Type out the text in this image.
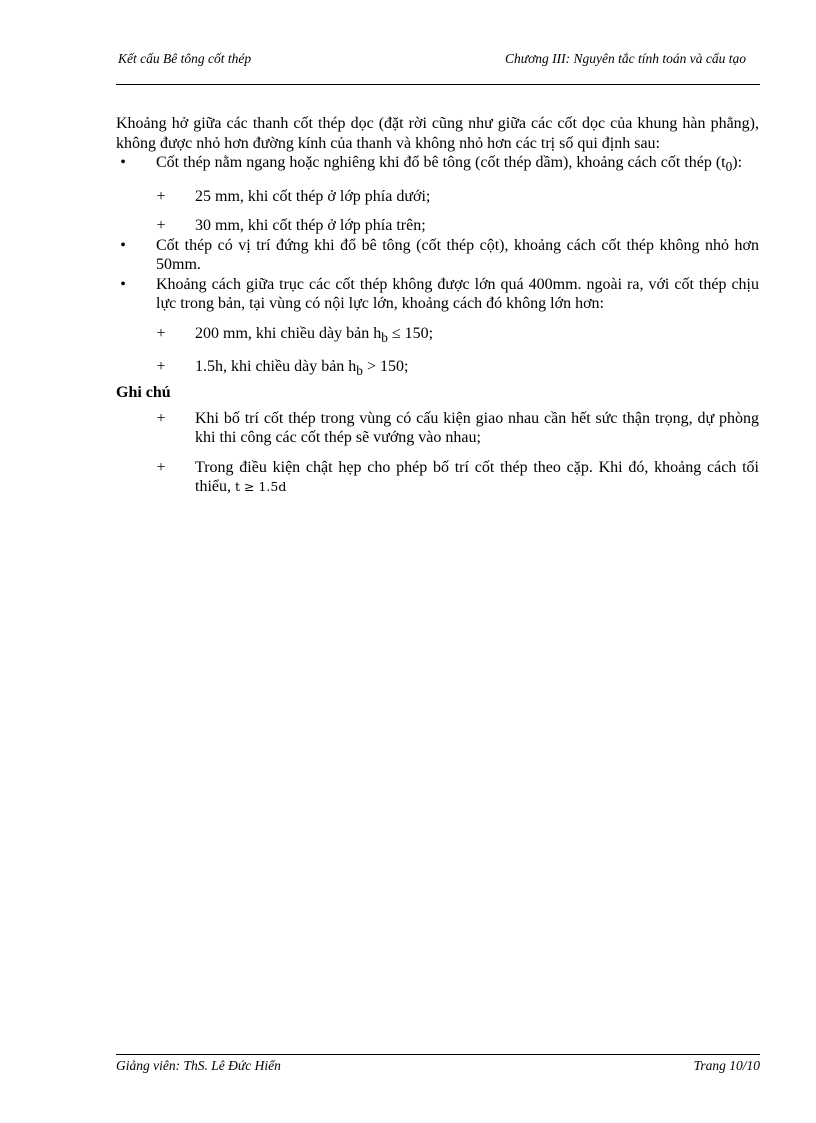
Kết cấu Bê tông cốt thép	Chương III: Nguyên tắc tính toán và cấu tạo

Khoảng hở giữa các thanh cốt thép dọc (đặt rời cũng như giữa các cốt dọc của khung hàn phẳng), không được nhỏ hơn đường kính của thanh và không nhỏ hơn các trị số qui định sau:

• Cốt thép nằm ngang hoặc nghiêng khi đổ bê tông (cốt thép dầm), khoảng cách cốt thép $(t_0)$:

+ 25 mm, khi cốt thép ở lớp phía dưới;

+ 30 mm, khi cốt thép ở lớp phía trên;

• Cốt thép có vị trí đứng khi đổ bê tông (cốt thép cột), khoảng cách cốt thép không nhỏ hơn 50mm.

• Khoảng cách giữa trục các cốt thép không được lớn quá 400mm. ngoài ra, với cốt thép chịu lực trong bản, tại vùng có nội lực lớn, khoảng cách đó không lớn hơn:

+ 200 mm, khi chiều dày bản $h_b \le 150$;

+ 1.5h, khi chiều dày bản $h_b > 150$;

Ghi chú

+ Khi bố trí cốt thép trong vùng có cấu kiện giao nhau cần hết sức thận trọng, dự phòng khi thi công các cốt thép sẽ vướng vào nhau;

+ Trong điều kiện chật hẹp cho phép bố trí cốt thép theo cặp. Khi đó, khoảng cách tối thiểu, t ≥ 1.5d

Giảng viên: ThS. Lê Đức Hiển	Trang 10/10
